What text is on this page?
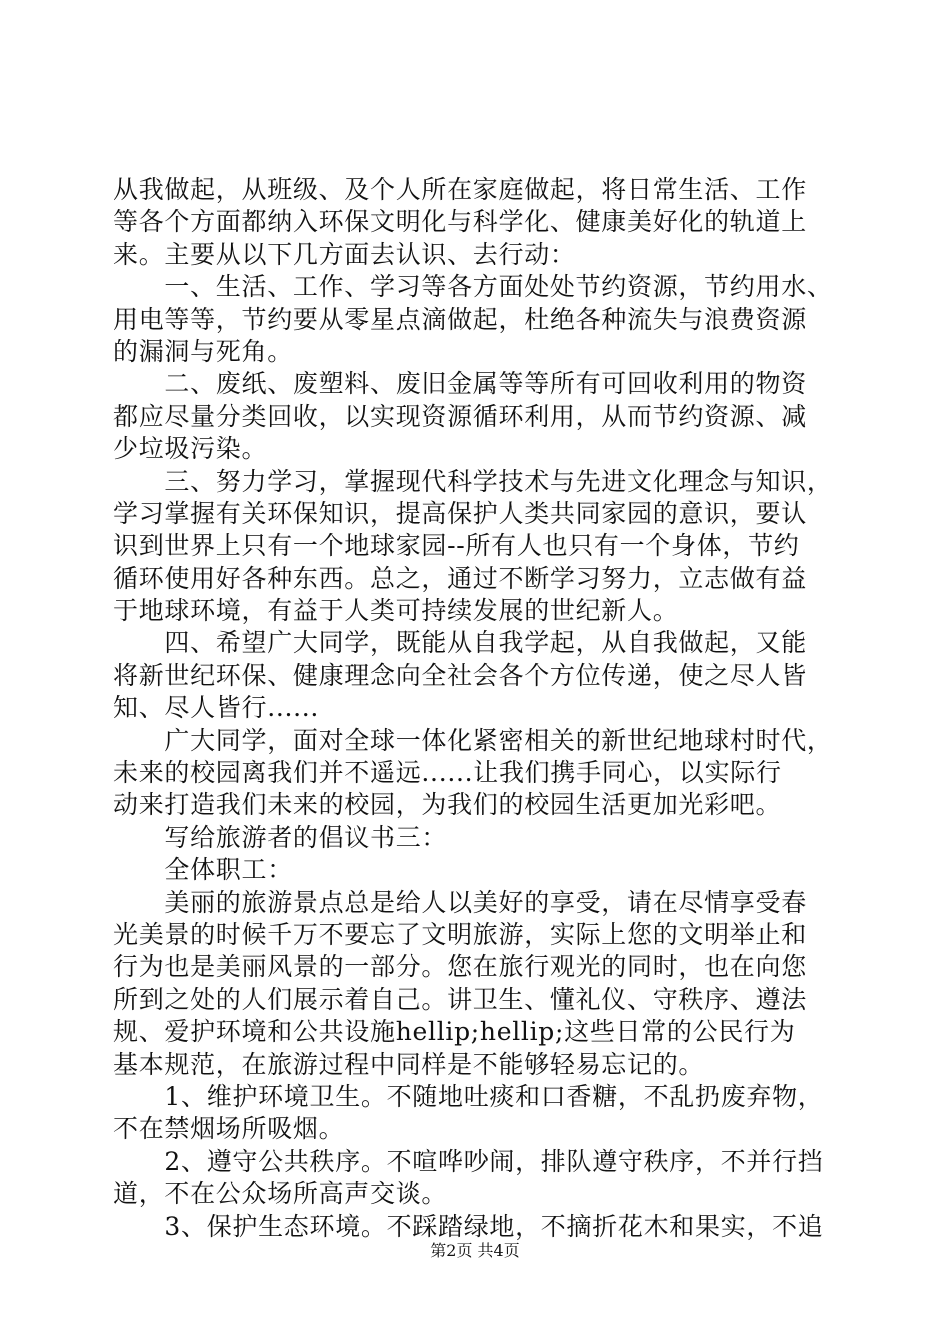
从我做起，从班级、及个人所在家庭做起，将日常生活、工作
等各个方面都纳入环保文明化与科学化、健康美好化的轨道上
来。主要从以下几方面去认识、去行动：
　　一、生活、工作、学习等各方面处处节约资源，节约用水、
用电等等，节约要从零星点滴做起，杜绝各种流失与浪费资源
的漏洞与死角。
　　二、废纸、废塑料、废旧金属等等所有可回收利用的物资
都应尽量分类回收，以实现资源循环利用，从而节约资源、减
少垃圾污染。
　　三、努力学习，掌握现代科学技术与先进文化理念与知识，
学习掌握有关环保知识，提高保护人类共同家园的意识，要认
识到世界上只有一个地球家园--所有人也只有一个身体，节约
循环使用好各种东西。总之，通过不断学习努力，立志做有益
于地球环境，有益于人类可持续发展的世纪新人。
　　四、希望广大同学，既能从自我学起，从自我做起，又能
将新世纪环保、健康理念向全社会各个方位传递，使之尽人皆
知、尽人皆行......
　　广大同学，面对全球一体化紧密相关的新世纪地球村时代，
未来的校园离我们并不遥远......让我们携手同心，以实际行
动来打造我们未来的校园，为我们的校园生活更加光彩吧。
　　写给旅游者的倡议书三：
　　全体职工：
　　美丽的旅游景点总是给人以美好的享受，请在尽情享受春
光美景的时候千万不要忘了文明旅游，实际上您的文明举止和
行为也是美丽风景的一部分。您在旅行观光的同时，也在向您
所到之处的人们展示着自己。讲卫生、懂礼仪、守秩序、遵法
规、爱护环境和公共设施hellip;hellip;这些日常的公民行为
基本规范，在旅游过程中同样是不能够轻易忘记的。
　　1、维护环境卫生。不随地吐痰和口香糖，不乱扔废弃物，
不在禁烟场所吸烟。
　　2、遵守公共秩序。不喧哗吵闹，排队遵守秩序，不并行挡
道，不在公众场所高声交谈。
　　3、保护生态环境。不踩踏绿地，不摘折花木和果实，不追
第2页 共4页
